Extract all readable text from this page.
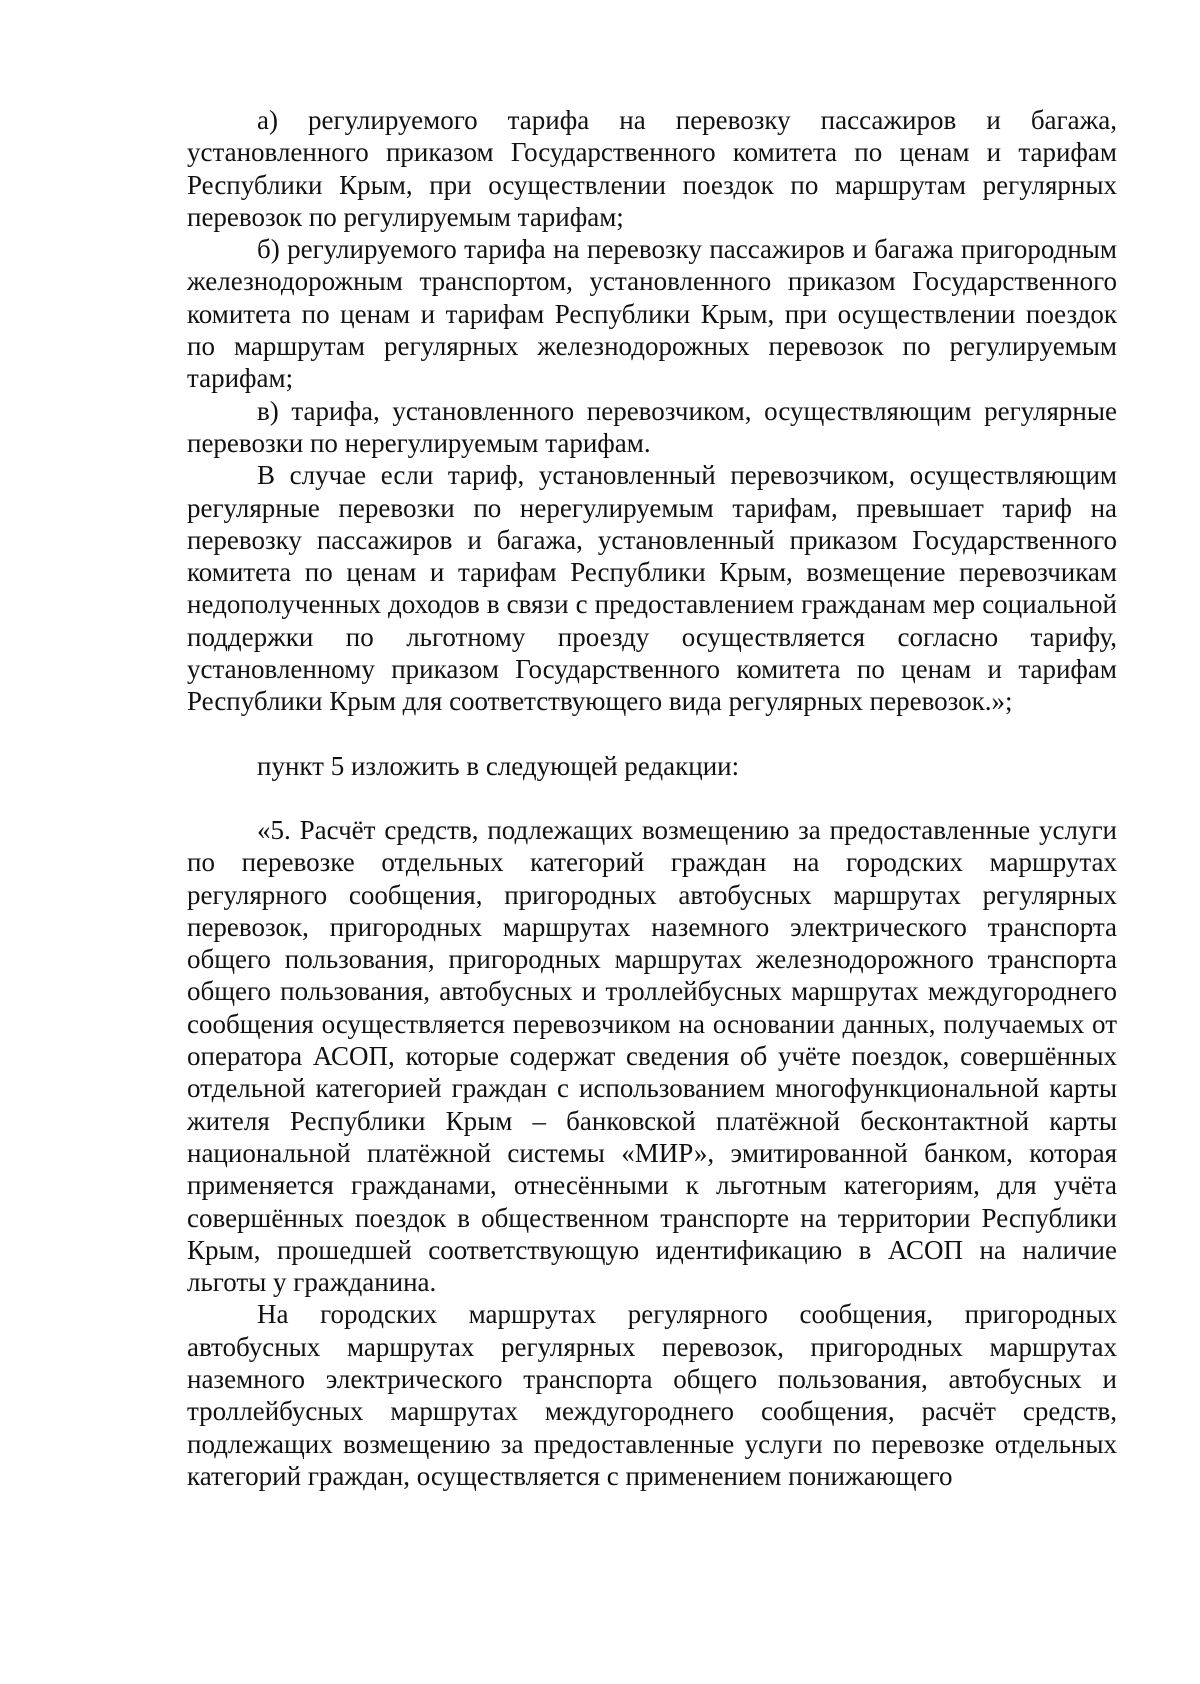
а) регулируемого тарифа на перевозку пассажиров и багажа, установленного приказом Государственного комитета по ценам и тарифам Республики Крым, при осуществлении поездок по маршрутам регулярных перевозок по регулируемым тарифам;

б) регулируемого тарифа на перевозку пассажиров и багажа пригородным железнодорожным транспортом, установленного приказом Государственного комитета по ценам и тарифам Республики Крым, при осуществлении поездок по маршрутам регулярных железнодорожных перевозок по регулируемым тарифам;

в) тарифа, установленного перевозчиком, осуществляющим регулярные перевозки по нерегулируемым тарифам.

В случае если тариф, установленный перевозчиком, осуществляющим регулярные перевозки по нерегулируемым тарифам, превышает тариф на перевозку пассажиров и багажа, установленный приказом Государственного комитета по ценам и тарифам Республики Крым, возмещение перевозчикам недополученных доходов в связи с предоставлением гражданам мер социальной поддержки по льготному проезду осуществляется согласно тарифу, установленному приказом Государственного комитета по ценам и тарифам Республики Крым для соответствующего вида регулярных перевозок.»;

пункт 5 изложить в следующей редакции:

«5. Расчёт средств, подлежащих возмещению за предоставленные услуги по перевозке отдельных категорий граждан на городских маршрутах регулярного сообщения, пригородных автобусных маршрутах регулярных перевозок, пригородных маршрутах наземного электрического транспорта общего пользования, пригородных маршрутах железнодорожного транспорта общего пользования, автобусных и троллейбусных маршрутах междугороднего сообщения осуществляется перевозчиком на основании данных, получаемых от оператора АСОП, которые содержат сведения об учёте поездок, совершённых отдельной категорией граждан с использованием многофункциональной карты жителя Республики Крым – банковской платёжной бесконтактной карты национальной платёжной системы «МИР», эмитированной банком, которая применяется гражданами, отнесёнными к льготным категориям, для учёта совершённых поездок в общественном транспорте на территории Республики Крым, прошедшей соответствующую идентификацию в АСОП на наличие льготы у гражданина.

На городских маршрутах регулярного сообщения, пригородных автобусных маршрутах регулярных перевозок, пригородных маршрутах наземного электрического транспорта общего пользования, автобусных и троллейбусных маршрутах междугороднего сообщения, расчёт средств, подлежащих возмещению за предоставленные услуги по перевозке отдельных категорий граждан, осуществляется с применением понижающего
